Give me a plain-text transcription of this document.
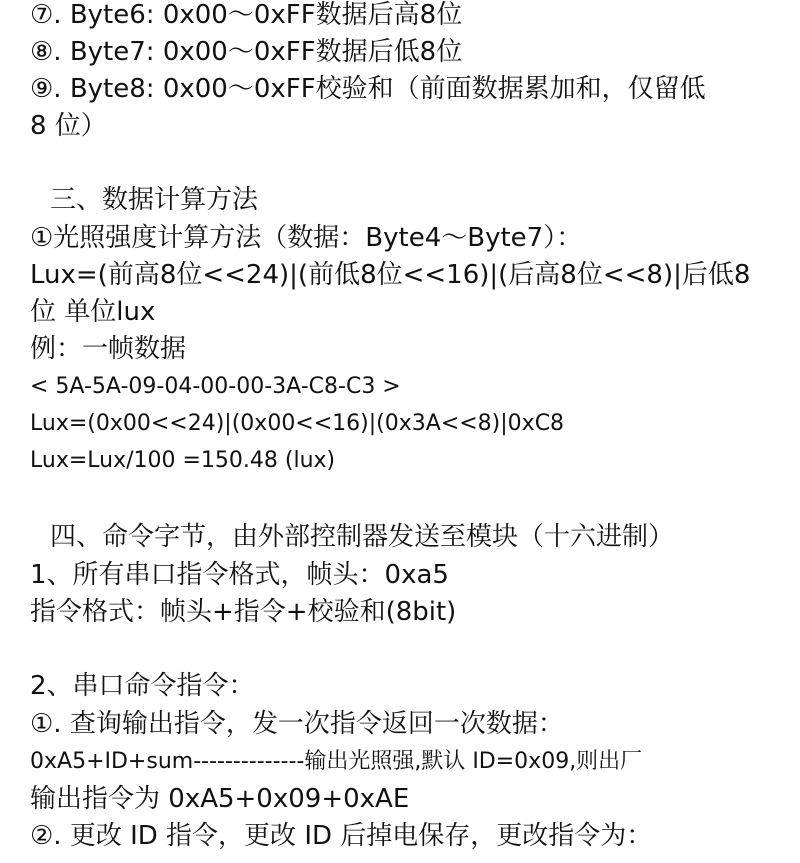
⑦. Byte6: 0x00～0xFF数据后高8位
⑧. Byte7: 0x00～0xFF数据后低8位
⑨. Byte8: 0x00～0xFF校验和（前面数据累加和，仅留低
8 位）
三、数据计算方法
①光照强度计算方法（数据：Byte4～Byte7）：
Lux=(前高8位<<24)|(前低8位<<16)|(后高8位<<8)|后低8
位 单位lux
例：一帧数据
< 5A-5A-09-04-00-00-3A-C8-C3 >
Lux=(0x00<<24)|(0x00<<16)|(0x3A<<8)|0xC8
Lux=Lux/100 =150.48 (lux)
四、命令字节，由外部控制器发送至模块（十六进制）
1、所有串口指令格式，帧头：0xa5
指令格式：帧头+指令+校验和(8bit)
2、串口命令指令：
①. 查询输出指令，发一次指令返回一次数据：
0xA5+ID+sum--------------输出光照强,默认 ID=0x09,则出厂
输出指令为 0xA5+0x09+0xAE
②. 更改 ID 指令，更改 ID 后掉电保存，更改指令为：
